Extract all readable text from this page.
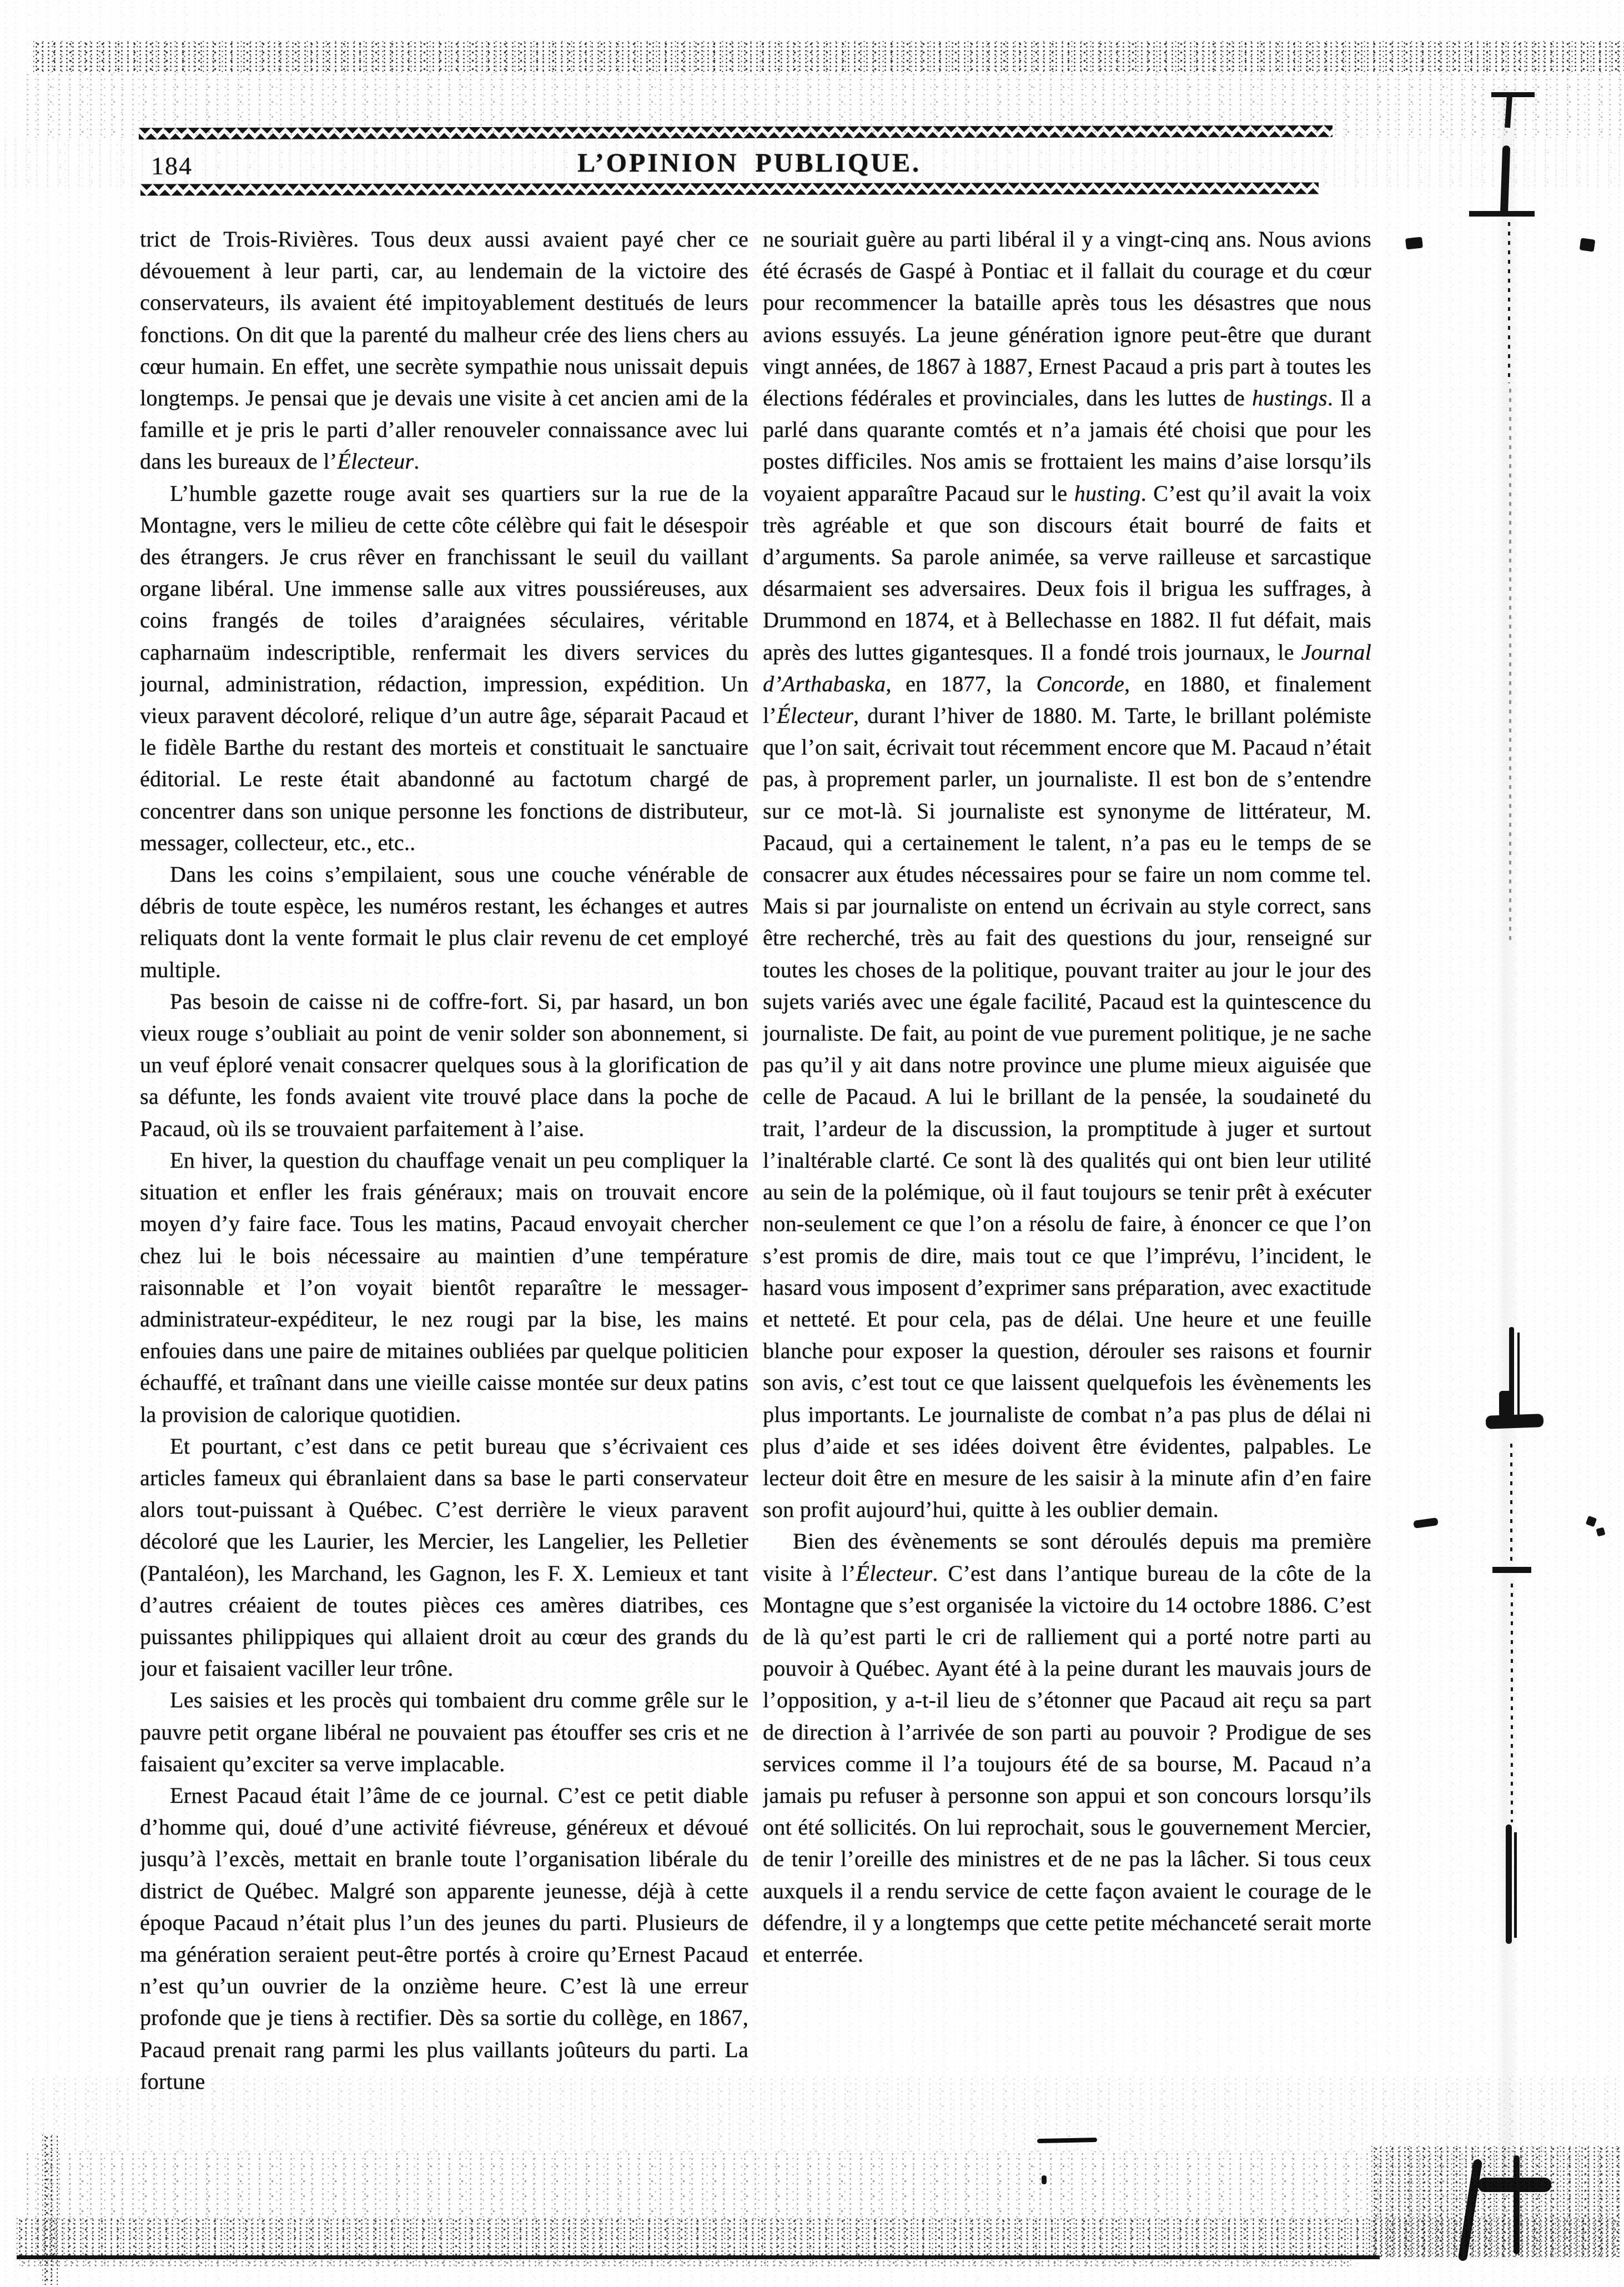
184	L’OPINION PUBLIQUE.

trict de Trois-Rivières. Tous deux aussi avaient payé cher ce dévouement à leur parti, car, au lendemain de la victoire des conservateurs, ils avaient été impitoyablement destitués de leurs fonctions. On dit que la parenté du malheur crée des liens chers au cœur humain. En effet, une secrète sympathie nous unissait depuis longtemps. Je pensai que je devais une visite à cet ancien ami de la famille et je pris le parti d’aller renouveler connaissance avec lui dans les bureaux de l’Électeur.

L’humble gazette rouge avait ses quartiers sur la rue de la Montagne, vers le milieu de cette côte célèbre qui fait le désespoir des étrangers. Je crus rêver en franchissant le seuil du vaillant organe libéral. Une immense salle aux vitres poussiéreuses, aux coins frangés de toiles d’araignées séculaires, véritable capharnaüm indescriptible, renfermait les divers services du journal, administration, rédaction, impression, expédition. Un vieux paravent décoloré, relique d’un autre âge, séparait Pacaud et le fidèle Barthe du restant des morteis et constituait le sanctuaire éditorial. Le reste était abandonné au factotum chargé de concentrer dans son unique personne les fonctions de distributeur, messager, collecteur, etc., etc..

Dans les coins s’empilaient, sous une couche vénérable de débris de toute espèce, les numéros restant, les échanges et autres reliquats dont la vente formait le plus clair revenu de cet employé multiple.

Pas besoin de caisse ni de coffre-fort. Si, par hasard, un bon vieux rouge s’oubliait au point de venir solder son abonnement, si un veuf éploré venait consacrer quelques sous à la glorification de sa défunte, les fonds avaient vite trouvé place dans la poche de Pacaud, où ils se trouvaient parfaitement à l’aise.

En hiver, la question du chauffage venait un peu compliquer la situation et enfler les frais généraux; mais on trouvait encore moyen d’y faire face. Tous les matins, Pacaud envoyait chercher chez lui le bois nécessaire au maintien d’une température raisonnable et l’on voyait bientôt reparaître le messager-administrateur-expéditeur, le nez rougi par la bise, les mains enfouies dans une paire de mitaines oubliées par quelque politicien échauffé, et traînant dans une vieille caisse montée sur deux patins la provision de calorique quotidien.

Et pourtant, c’est dans ce petit bureau que s’écrivaient ces articles fameux qui ébranlaient dans sa base le parti conservateur alors tout-puissant à Québec. C’est derrière le vieux paravent décoloré que les Laurier, les Mercier, les Langelier, les Pelletier (Pantaléon), les Marchand, les Gagnon, les F. X. Lemieux et tant d’autres créaient de toutes pièces ces amères diatribes, ces puissantes philippiques qui allaient droit au cœur des grands du jour et faisaient vaciller leur trône.

Les saisies et les procès qui tombaient dru comme grêle sur le pauvre petit organe libéral ne pouvaient pas étouffer ses cris et ne faisaient qu’exciter sa verve implacable.

Ernest Pacaud était l’âme de ce journal. C’est ce petit diable d’homme qui, doué d’une activité fiévreuse, généreux et dévoué jusqu’à l’excès, mettait en branle toute l’organisation libérale du district de Québec. Malgré son apparente jeunesse, déjà à cette époque Pacaud n’était plus l’un des jeunes du parti. Plusieurs de ma génération seraient peut-être portés à croire qu’Ernest Pacaud n’est qu’un ouvrier de la onzième heure. C’est là une erreur profonde que je tiens à rectifier. Dès sa sortie du collège, en 1867, Pacaud prenait rang parmi les plus vaillants joûteurs du parti. La fortune

ne souriait guère au parti libéral il y a vingt-cinq ans. Nous avions été écrasés de Gaspé à Pontiac et il fallait du courage et du cœur pour recommencer la bataille après tous les désastres que nous avions essuyés. La jeune génération ignore peut-être que durant vingt années, de 1867 à 1887, Ernest Pacaud a pris part à toutes les élections fédérales et provinciales, dans les luttes de hustings. Il a parlé dans quarante comtés et n’a jamais été choisi que pour les postes difficiles. Nos amis se frottaient les mains d’aise lorsqu’ils voyaient apparaître Pacaud sur le husting. C’est qu’il avait la voix très agréable et que son discours était bourré de faits et d’arguments. Sa parole animée, sa verve railleuse et sarcastique désarmaient ses adversaires. Deux fois il brigua les suffrages, à Drummond en 1874, et à Bellechasse en 1882. Il fut défait, mais après des luttes gigantesques. Il a fondé trois journaux, le Journal d’Arthabaska, en 1877, la Concorde, en 1880, et finalement l’Électeur, durant l’hiver de 1880. M. Tarte, le brillant polémiste que l’on sait, écrivait tout récemment encore que M. Pacaud n’était pas, à proprement parler, un journaliste. Il est bon de s’entendre sur ce mot-là. Si journaliste est synonyme de littérateur, M. Pacaud, qui a certainement le talent, n’a pas eu le temps de se consacrer aux études nécessaires pour se faire un nom comme tel. Mais si par journaliste on entend un écrivain au style correct, sans être recherché, très au fait des questions du jour, renseigné sur toutes les choses de la politique, pouvant traiter au jour le jour des sujets variés avec une égale facilité, Pacaud est la quintescence du journaliste. De fait, au point de vue purement politique, je ne sache pas qu’il y ait dans notre province une plume mieux aiguisée que celle de Pacaud. A lui le brillant de la pensée, la soudaineté du trait, l’ardeur de la discussion, la promptitude à juger et surtout l’inaltérable clarté. Ce sont là des qualités qui ont bien leur utilité au sein de la polémique, où il faut toujours se tenir prêt à exécuter non-seulement ce que l’on a résolu de faire, à énoncer ce que l’on s’est promis de dire, mais tout ce que l’imprévu, l’incident, le hasard vous imposent d’exprimer sans préparation, avec exactitude et netteté. Et pour cela, pas de délai. Une heure et une feuille blanche pour exposer la question, dérouler ses raisons et fournir son avis, c’est tout ce que laissent quelquefois les évènements les plus importants. Le journaliste de combat n’a pas plus de délai ni plus d’aide et ses idées doivent être évidentes, palpables. Le lecteur doit être en mesure de les saisir à la minute afin d’en faire son profit aujourd’hui, quitte à les oublier demain.

Bien des évènements se sont déroulés depuis ma première visite à l’Électeur. C’est dans l’antique bureau de la côte de la Montagne que s’est organisée la victoire du 14 octobre 1886. C’est de là qu’est parti le cri de ralliement qui a porté notre parti au pouvoir à Québec. Ayant été à la peine durant les mauvais jours de l’opposition, y a-t-il lieu de s’étonner que Pacaud ait reçu sa part de direction à l’arrivée de son parti au pouvoir ? Prodigue de ses services comme il l’a toujours été de sa bourse, M. Pacaud n’a jamais pu refuser à personne son appui et son concours lorsqu’ils ont été sollicités. On lui reprochait, sous le gouvernement Mercier, de tenir l’oreille des ministres et de ne pas la lâcher. Si tous ceux auxquels il a rendu service de cette façon avaient le courage de le défendre, il y a longtemps que cette petite méchanceté serait morte et enterrée.
